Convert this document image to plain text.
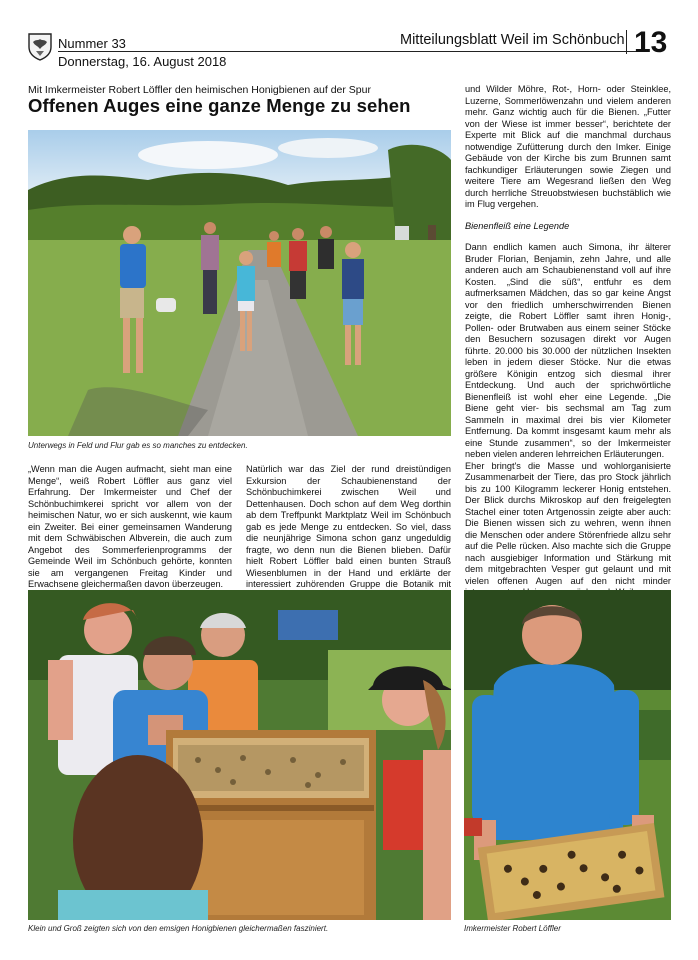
Nummer 33
Donnerstag, 16. August 2018
Mitteilungsblatt Weil im Schönbuch 13
Mit Imkermeister Robert Löffler den heimischen Honigbienen auf der Spur
Offenen Auges eine ganze Menge zu sehen
Unterwegs in Feld und Flur gab es so manches zu entdecken.

„Wenn man die Augen aufmacht, sieht man eine Menge“, weiß Robert Löffler aus ganz viel Erfahrung. Der Imkermeister und Chef der Schönbuchimkerei spricht vor allem von der heimischen Natur, wo er sich auskennt, wie kaum ein Zweiter. Bei einer gemeinsamen Wanderung mit dem Schwäbischen Albverein, die auch zum Angebot des Sommerferienprogramms der Gemeinde Weil im Schönbuch gehörte, konnten sie am vergangenen Freitag Kinder und Erwachsene gleichermaßen davon überzeugen.

Natürlich war das Ziel der rund dreistündigen Exkursion der Schaubienenstand der Schönbuchimkerei zwischen Weil und Dettenhausen. Doch schon auf dem Weg dorthin ab dem Treffpunkt Marktplatz Weil im Schönbuch gab es jede Menge zu entdecken. So viel, dass die neunjährige Simona schon ganz ungeduldig fragte, wo denn nun die Bienen blieben. Dafür hielt Robert Löffler bald einen bunten Strauß Wiesenblumen in der Hand und erklärte der interessiert zuhörenden Gruppe die Botanik mit

und Wilder Möhre, Rot-, Horn- oder Steinklee, Luzerne, Sommerlöwenzahn und vielem anderen mehr. Ganz wichtig auch für die Bienen. „Futter von der Wiese ist immer besser“, berichtete der Experte mit Blick auf die manchmal durchaus notwendige Zufütterung durch den Imker. Einige Gebäude von der Kirche bis zum Brunnen samt fachkundiger Erläuterungen sowie Ziegen und weitere Tiere am Wegesrand ließen den Weg durch herrliche Streuobstwiesen buchstäblich wie im Flug vergehen.

Bienenfleiß eine Legende

Dann endlich kamen auch Simona, ihr älterer Bruder Florian, Benjamin, zehn Jahre, und alle anderen auch am Schaubienenstand voll auf ihre Kosten. „Sind die süß“, entfuhr es dem aufmerksamen Mädchen, das so gar keine Angst vor den friedlich umherschwirrenden Bienen zeigte, die Robert Löffler samt ihren Honig-, Pollen- oder Brutwaben aus einem seiner Stöcke den Besuchern sozusagen direkt vor Augen führte. 20.000 bis 30.000 der nützlichen Insekten leben in jedem dieser Stöcke. Nur die etwas größere Königin entzog sich diesmal ihrer Entdeckung. Und auch der sprichwörtliche Bienenfleiß ist wohl eher eine Legende. „Die Biene geht vier- bis sechsmal am Tag zum Sammeln in maximal drei bis vier Kilometer Entfernung. Da kommt insgesamt kaum mehr als eine Stunde zusammen“, so der Imkermeister neben vielen anderen lehrreichen Erläuterungen.

Eher bringt's die Masse und wohlorganisierte Zusammenarbeit der Tiere, das pro Stock jährlich bis zu 100 Kilogramm leckerer Honig entstehen. Der Blick durchs Mikroskop auf den freigelegten Stachel einer toten Artgenossin zeigte aber auch: Die Bienen wissen sich zu wehren, wenn ihnen die Menschen oder andere Störenfriede allzu sehr auf die Pelle rücken. Also machte sich die Gruppe nach ausgiebiger Information und Stärkung mit dem mitgebrachten Vesper gut gelaunt und mit vielen offenen Augen auf den nicht minder

Klein und Groß zeigten sich von den emsigen Honigbienen gleichermaßen fasziniert.	Imkermeister Robert Löffler
